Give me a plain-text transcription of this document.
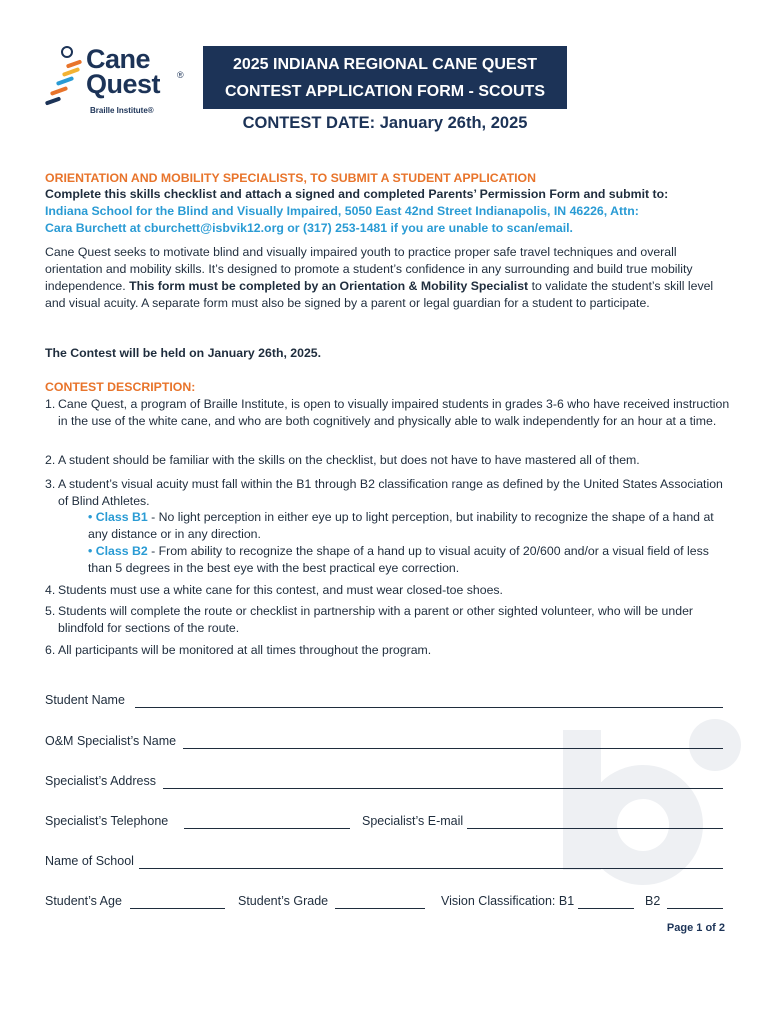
Cane
Quest ®
Braille Institute®
2025 INDIANA REGIONAL CANE QUEST
CONTEST APPLICATION FORM - SCOUTS
CONTEST DATE: January 26th, 2025
ORIENTATION AND MOBILITY SPECIALISTS, TO SUBMIT A STUDENT APPLICATION
Complete this skills checklist and attach a signed and completed Parents’ Permission Form and submit to:
Indiana School for the Blind and Visually Impaired, 5050 East 42nd Street Indianapolis, IN 46226, Attn:
Cara Burchett at cburchett@isbvik12.org or (317) 253-1481 if you are unable to scan/email.
Cane Quest seeks to motivate blind and visually impaired youth to practice proper safe travel techniques and overall orientation and mobility skills. It’s designed to promote a student’s confidence in any surrounding and build true mobility independence. This form must be completed by an Orientation & Mobility Specialist to validate the student’s skill level and visual acuity. A separate form must also be signed by a parent or legal guardian for a student to participate.
The Contest will be held on January 26th, 2025.
CONTEST DESCRIPTION:
1. Cane Quest, a program of Braille Institute, is open to visually impaired students in grades 3-6 who have received instruction in the use of the white cane, and who are both cognitively and physically able to walk independently for an hour at a time.
2. A student should be familiar with the skills on the checklist, but does not have to have mastered all of them.
3. A student’s visual acuity must fall within the B1 through B2 classification range as defined by the United States Association of Blind Athletes.
• Class B1 - No light perception in either eye up to light perception, but inability to recognize the shape of a hand at any distance or in any direction.
• Class B2 - From ability to recognize the shape of a hand up to visual acuity of 20/600 and/or a visual field of less than 5 degrees in the best eye with the best practical eye correction.
4. Students must use a white cane for this contest, and must wear closed-toe shoes.
5. Students will complete the route or checklist in partnership with a parent or other sighted volunteer, who will be under blindfold for sections of the route.
6. All participants will be monitored at all times throughout the program.
Student Name
O&M Specialist’s Name
Specialist’s Address
Specialist’s Telephone	Specialist’s E-mail
Name of School
Student’s Age	Student’s Grade	Vision Classification: B1	B2
Page 1 of 2
